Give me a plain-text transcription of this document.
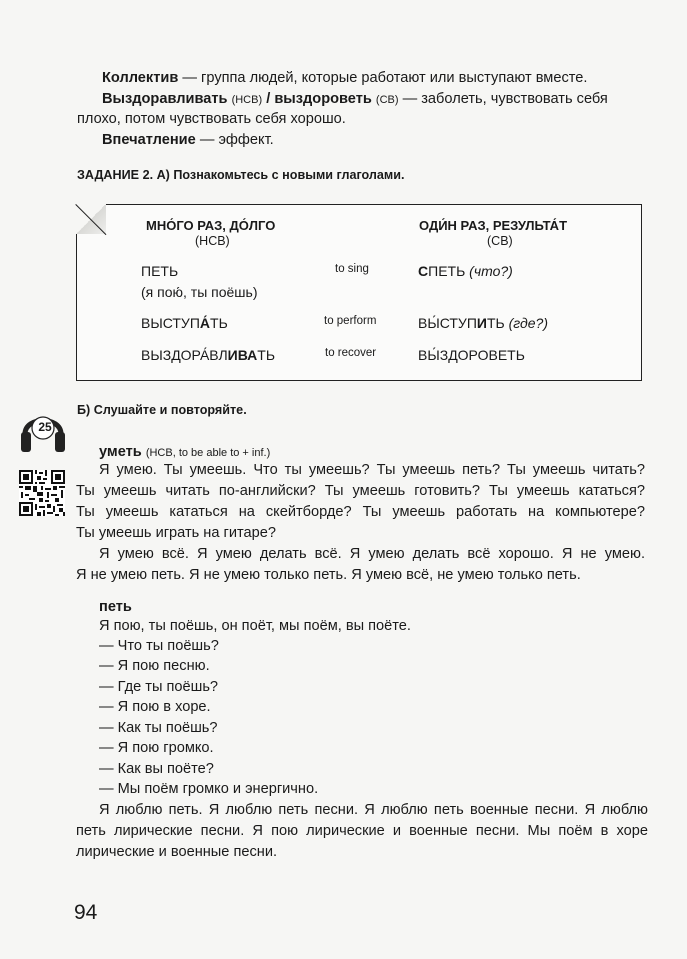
Коллектив — группа людей, которые работают или выступают вместе.
Выздоравливать (НСВ) / выздороветь (СВ) — заболеть, чувствовать себя
плохо, потом чувствовать себя хорошо.
Впечатление — эффект.
ЗАДАНИЕ 2. А) Познакомьтесь с новыми глаголами.
МНО́ГО РАЗ, ДО́ЛГО
(НСВ)
ОДИ́Н РАЗ, РЕЗУЛЬТА́Т
(СВ)
ПЕТЬ
(я пою́, ты поёшь)
to sing	СПЕТЬ (что?)
ВЫСТУПА́ТЬ	to perform	ВЫ́СТУПИТЬ (где?)
ВЫЗДОРА́ВЛИВАТЬ	to recover	ВЫ́ЗДОРОВЕТЬ
25
Б) Слушайте и повторяйте.
уметь (НСВ, to be able to + inf.)
Я умею. Ты умеешь. Что ты умеешь? Ты умеешь петь? Ты умеешь читать?
Ты умеешь читать по-английски? Ты умеешь готовить? Ты умеешь кататься?
Ты умеешь кататься на скейтборде? Ты умеешь работать на компьютере?
Ты умеешь играть на гитаре?
Я умею всё. Я умею делать всё. Я умею делать всё хорошо. Я не умею.
Я не умею петь. Я не умею только петь. Я умею всё, не умею только петь.
петь
Я пою, ты поёшь, он поёт, мы поём, вы поёте.
— Что ты поёшь?
— Я пою песню.
— Где ты поёшь?
— Я пою в хоре.
— Как ты поёшь?
— Я пою громко.
— Как вы поёте?
— Мы поём громко и энергично.
Я люблю петь. Я люблю петь песни. Я люблю петь военные песни. Я люблю
петь лирические песни. Я пою лирические и военные песни. Мы поём в хоре
лирические и военные песни.
94
